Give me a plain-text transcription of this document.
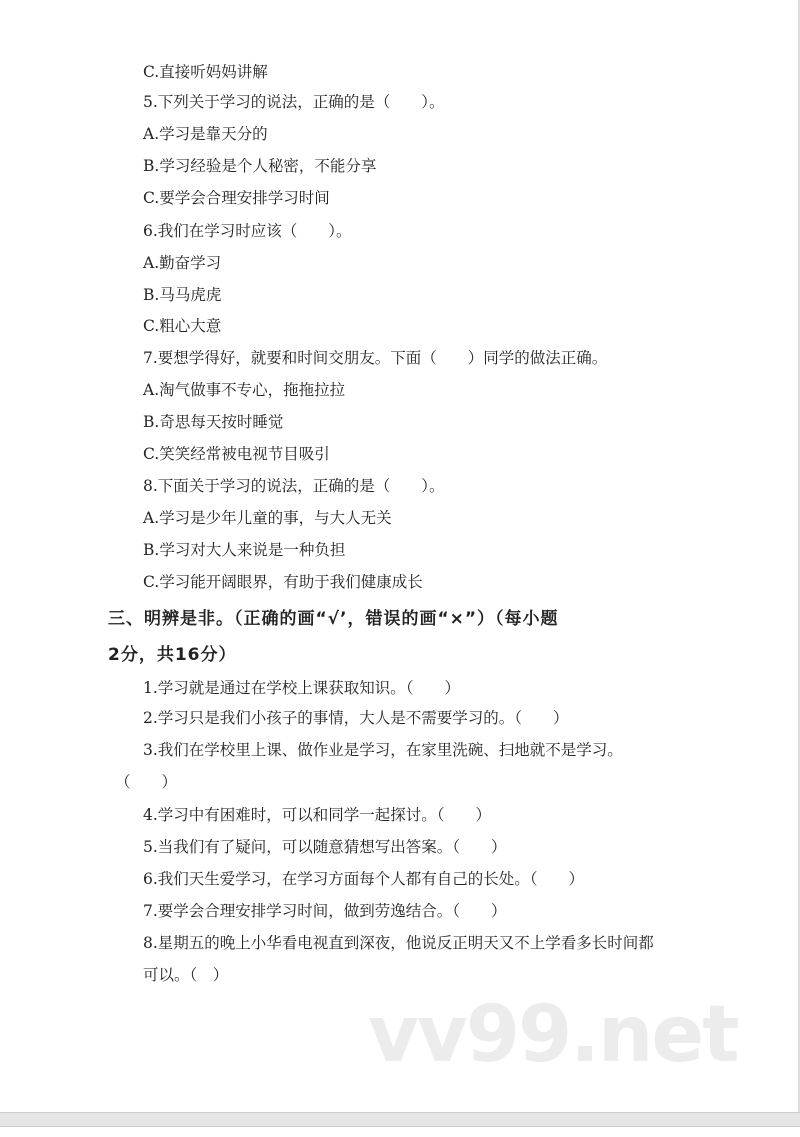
C.直接听妈妈讲解
5.下列关于学习的说法，正确的是（　　）。
A.学习是靠天分的
B.学习经验是个人秘密，不能分享
C.要学会合理安排学习时间
6.我们在学习时应该（　　）。
A.勤奋学习
B.马马虎虎
C.粗心大意
7.要想学得好，就要和时间交朋友。下面（　　）同学的做法正确。
A.淘气做事不专心，拖拖拉拉
B.奇思每天按时睡觉
C.笑笑经常被电视节目吸引
8.下面关于学习的说法，正确的是（　　）。
A.学习是少年儿童的事，与大人无关
B.学习对大人来说是一种负担
C.学习能开阔眼界，有助于我们健康成长
三、明辨是非。（正确的画“√’，错误的画“×”）（每小题
2分，共16分）
1.学习就是通过在学校上课获取知识。（　　）
2.学习只是我们小孩子的事情，大人是不需要学习的。（　　）
3.我们在学校里上课、做作业是学习，在家里洗碗、扫地就不是学习。
（　　）
4.学习中有困难时，可以和同学一起探讨。（　　）
5.当我们有了疑问，可以随意猜想写出答案。（　　）
6.我们天生爱学习，在学习方面每个人都有自己的长处。（　　）
7.要学会合理安排学习时间，做到劳逸结合。（　　）
8.星期五的晚上小华看电视直到深夜，他说反正明天又不上学看多长时间都
可以。（　）
vv99.net
